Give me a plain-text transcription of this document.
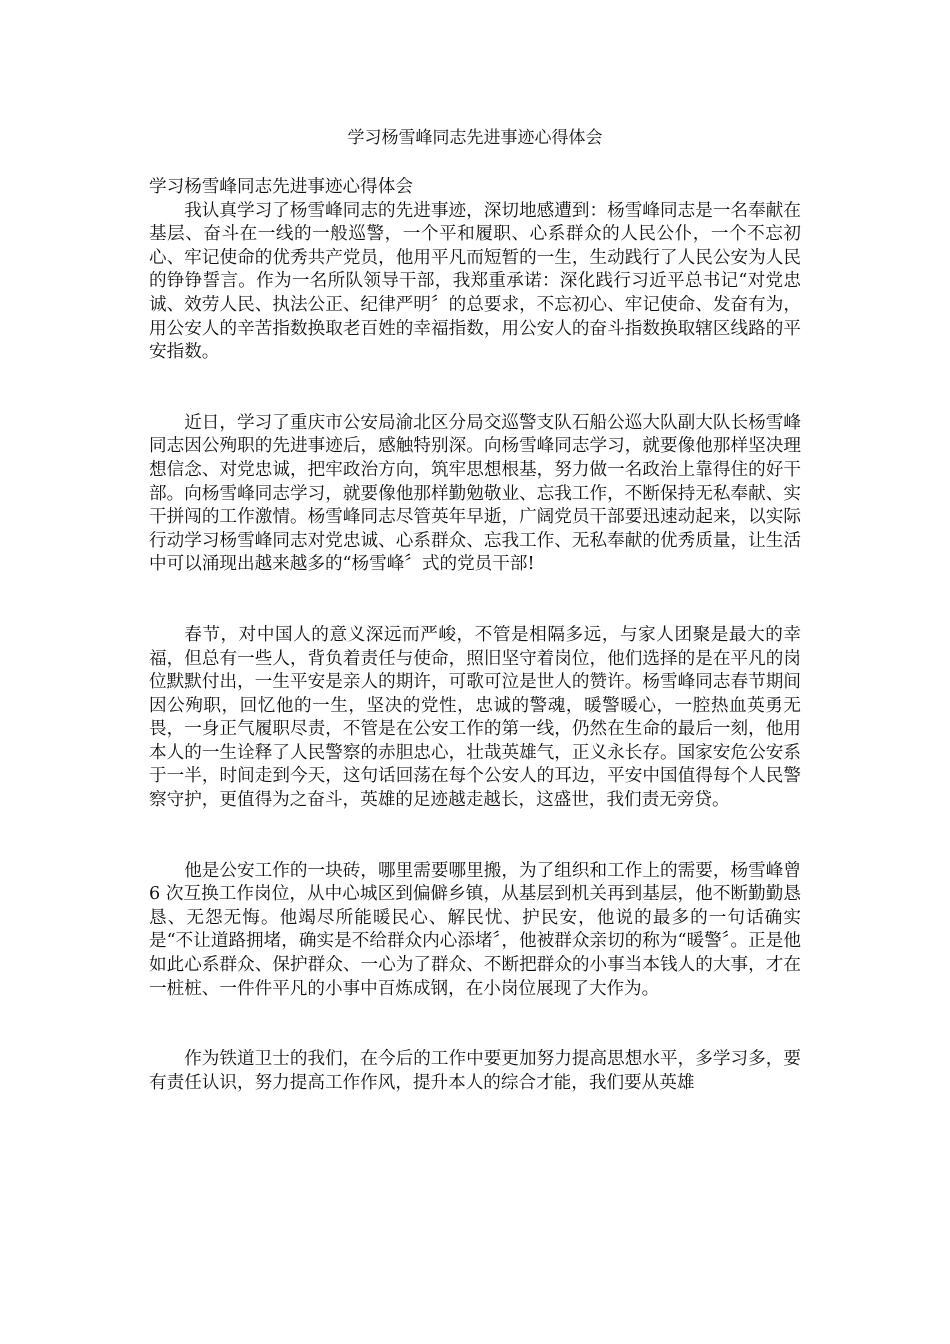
学习杨雪峰同志先进事迹心得体会

学习杨雪峰同志先进事迹心得体会

我认真学习了杨雪峰同志的先进事迹，深切地感遭到：杨雪峰同志是一名奉献在基层、奋斗在一线的一般巡警，一个平和履职、心系群众的人民公仆，一个不忘初心、牢记使命的优秀共产党员，他用平凡而短暂的一生，生动践行了人民公安为人民的铮铮誓言。作为一名所队领导干部，我郑重承诺：深化践行习近平总书记“对党忠诚、效劳人民、执法公正、纪律严明〞的总要求，不忘初心、牢记使命、发奋有为，用公安人的辛苦指数换取老百姓的幸福指数，用公安人的奋斗指数换取辖区线路的平安指数。

近日，学习了重庆市公安局渝北区分局交巡警支队石船公巡大队副大队长杨雪峰同志因公殉职的先进事迹后，感触特别深。向杨雪峰同志学习，就要像他那样坚决理想信念、对党忠诚，把牢政治方向，筑牢思想根基，努力做一名政治上靠得住的好干部。向杨雪峰同志学习，就要像他那样勤勉敬业、忘我工作，不断保持无私奉献、实干拼闯的工作激情。杨雪峰同志尽管英年早逝，广阔党员干部要迅速动起来，以实际行动学习杨雪峰同志对党忠诚、心系群众、忘我工作、无私奉献的优秀质量，让生活中可以涌现出越来越多的“杨雪峰〞式的党员干部!

春节，对中国人的意义深远而严峻，不管是相隔多远，与家人团聚是最大的幸福，但总有一些人，背负着责任与使命，照旧坚守着岗位，他们选择的是在平凡的岗位默默付出，一生平安是亲人的期许，可歌可泣是世人的赞许。杨雪峰同志春节期间因公殉职，回忆他的一生，坚决的党性，忠诚的警魂，暖警暖心，一腔热血英勇无畏，一身正气履职尽责，不管是在公安工作的第一线，仍然在生命的最后一刻，他用本人的一生诠释了人民警察的赤胆忠心，壮哉英雄气，正义永长存。国家安危公安系于一半，时间走到今天，这句话回荡在每个公安人的耳边，平安中国值得每个人民警察守护，更值得为之奋斗，英雄的足迹越走越长，这盛世，我们责无旁贷。

他是公安工作的一块砖，哪里需要哪里搬，为了组织和工作上的需要，杨雪峰曾 6 次互换工作岗位，从中心城区到偏僻乡镇，从基层到机关再到基层，他不断勤勤恳恳、无怨无悔。他竭尽所能暖民心、解民忧、护民安，他说的最多的一句话确实是“不让道路拥堵，确实是不给群众内心添堵〞，他被群众亲切的称为“暖警〞。正是他如此心系群众、保护群众、一心为了群众、不断把群众的小事当本钱人的大事，才在一桩桩、一件件平凡的小事中百炼成钢，在小岗位展现了大作为。

作为铁道卫士的我们，在今后的工作中要更加努力提高思想水平，多学习多，要有责任认识，努力提高工作作风，提升本人的综合才能，我们要从英雄
